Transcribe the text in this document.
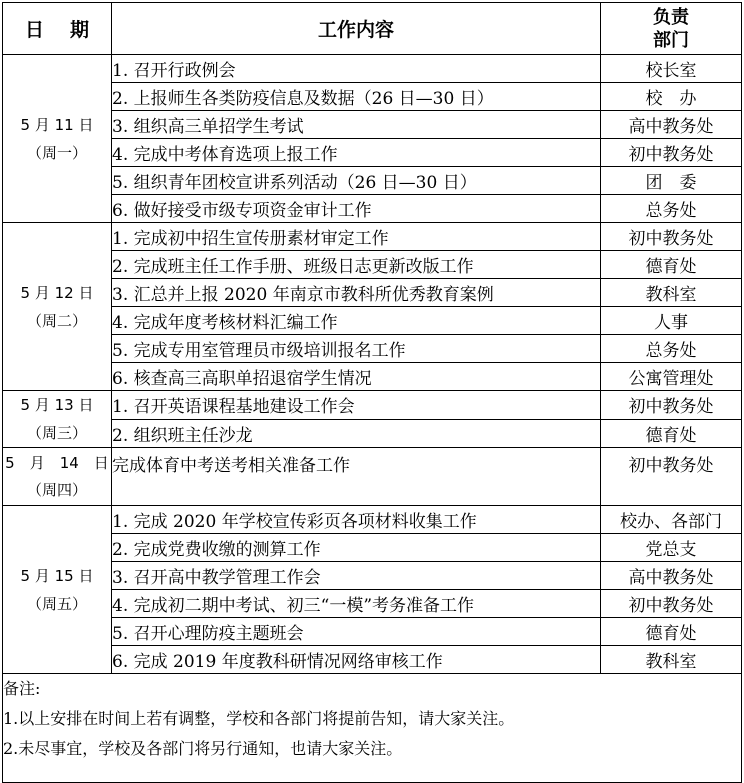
日 期	工作内容	负责
部门

5 月 11 日
（周一）	1. 召开行政例会	校长室
	2. 上报师生各类防疫信息及数据（26 日—30 日）	校　办
	3. 组织高三单招学生考试	高中教务处
	4. 完成中考体育选项上报工作	初中教务处
	5. 组织青年团校宣讲系列活动（26 日—30 日）	团　委
	6. 做好接受市级专项资金审计工作	总务处

5 月 12 日
（周二）	1. 完成初中招生宣传册素材审定工作	初中教务处
	2. 完成班主任工作手册、班级日志更新改版工作	德育处
	3. 汇总并上报 2020 年南京市教科所优秀教育案例	教科室
	4. 完成年度考核材料汇编工作	人事
	5. 完成专用室管理员市级培训报名工作	总务处
	6. 核查高三高职单招退宿学生情况	公寓管理处

5 月 13 日
（周三）	1. 召开英语课程基地建设工作会	初中教务处
	2. 组织班主任沙龙	德育处

5　月　14　日
（周四）	完成体育中考送考相关准备工作	初中教务处

5 月 15 日
（周五）	1. 完成 2020 年学校宣传彩页各项材料收集工作	校办、各部门
	2. 完成党费收缴的测算工作	党总支
	3. 召开高中教学管理工作会	高中教务处
	4. 完成初二期中考试、初三“一模”考务准备工作	初中教务处
	5. 召开心理防疫主题班会	德育处
	6. 完成 2019 年度教科研情况网络审核工作	教科室

备注:
1.以上安排在时间上若有调整，学校和各部门将提前告知，请大家关注。
2.未尽事宜，学校及各部门将另行通知，也请大家关注。		
